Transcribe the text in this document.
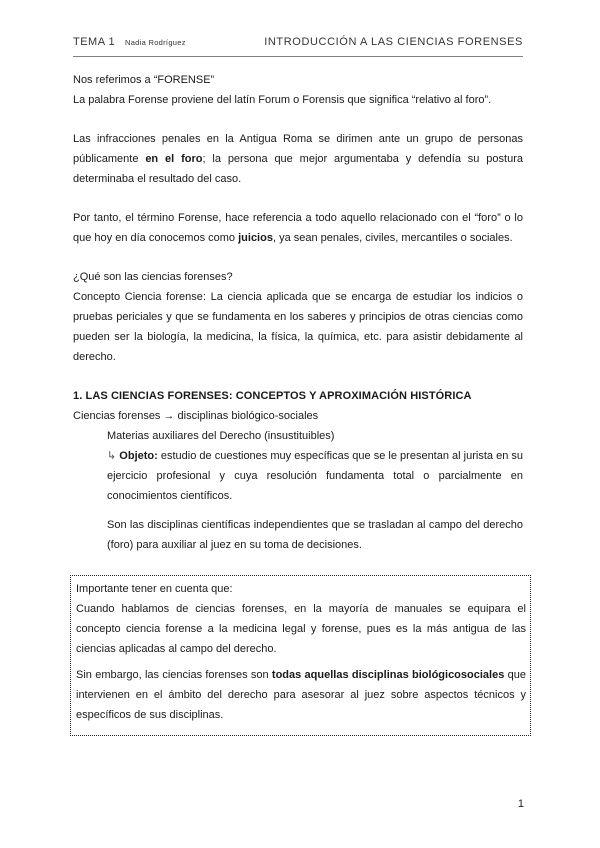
TEMA 1 Nadia Rodríguez	INTRODUCCIÓN A LAS CIENCIAS FORENSES

Nos referimos a “FORENSE”

La palabra Forense proviene del latín Forum o Forensis que significa “relativo al foro”.

Las infracciones penales en la Antigua Roma se dirimen ante un grupo de personas públicamente en el foro; la persona que mejor argumentaba y defendía su postura determinaba el resultado del caso.

Por tanto, el término Forense, hace referencia a todo aquello relacionado con el “foro” o lo que hoy en día conocemos como juicios, ya sean penales, civiles, mercantiles o sociales.

¿Qué son las ciencias forenses?

Concepto Ciencia forense: La ciencia aplicada que se encarga de estudiar los indicios o pruebas periciales y que se fundamenta en los saberes y principios de otras ciencias como pueden ser la biología, la medicina, la física, la química, etc. para asistir debidamente al derecho.

1. LAS CIENCIAS FORENSES: CONCEPTOS Y APROXIMACIÓN HISTÓRICA

Ciencias forenses → disciplinas biológico-sociales

Materias auxiliares del Derecho (insustituibles)

↳ Objeto: estudio de cuestiones muy específicas que se le presentan al jurista en su ejercicio profesional y cuya resolución fundamenta total o parcialmente en conocimientos científicos.

Son las disciplinas científicas independientes que se trasladan al campo del derecho (foro) para auxiliar al juez en su toma de decisiones.

Importante tener en cuenta que:

Cuando hablamos de ciencias forenses, en la mayoría de manuales se equipara el concepto ciencia forense a la medicina legal y forense, pues es la más antigua de las ciencias aplicadas al campo del derecho.

Sin embargo, las ciencias forenses son todas aquellas disciplinas biológicosociales que intervienen en el ámbito del derecho para asesorar al juez sobre aspectos técnicos y específicos de sus disciplinas.

1
